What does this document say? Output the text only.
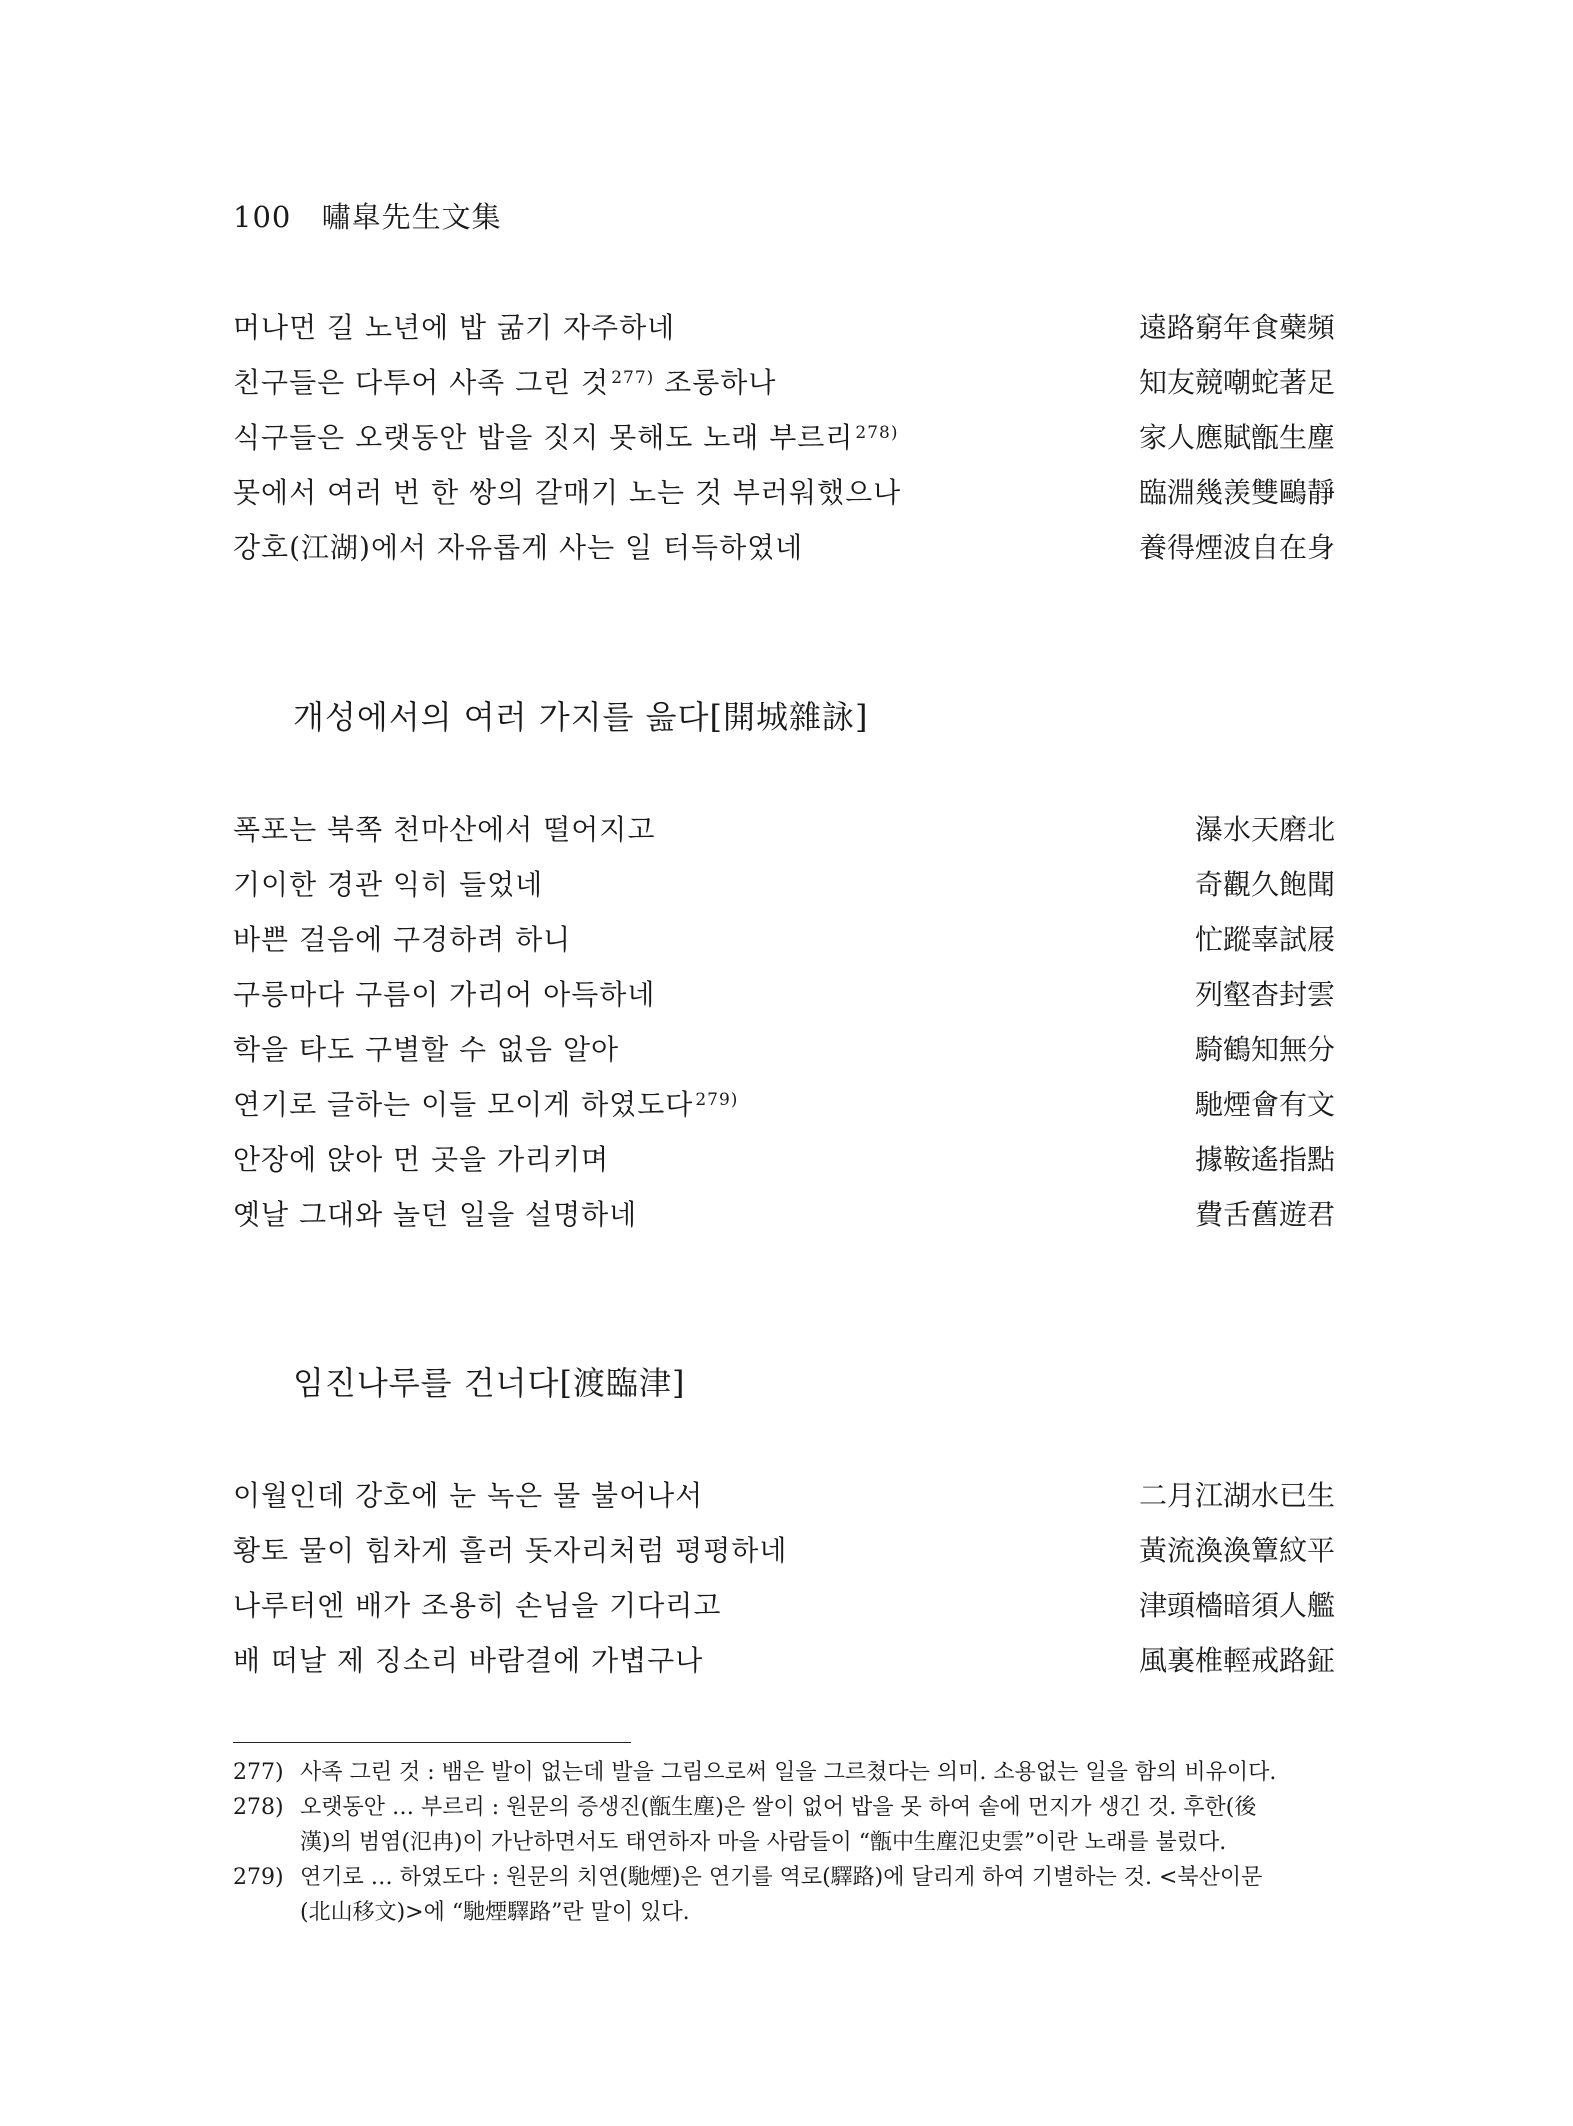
100 嘯皐先生文集
머나먼 길 노년에 밥 굶기 자주하네	遠路窮年食蘗頻
친구들은 다투어 사족 그린 것 $^{277)}$ 조롱하나	知友競嘲蛇著足
식구들은 오랫동안 밥을 짓지 못해도 노래 부르리 $^{278)}$	家人應賦甑生塵
못에서 여러 번 한 쌍의 갈매기 노는 것 부러워했으나	臨淵幾羡雙鷗靜
강호(江湖)에서 자유롭게 사는 일 터득하였네	養得煙波自在身
개성에서의 여러 가지를 읊다[開城雜詠]
폭포는 북쪽 천마산에서 떨어지고	瀑水天磨北
기이한 경관 익히 들었네	奇觀久飽聞
바쁜 걸음에 구경하려 하니	忙蹤辜試屐
구릉마다 구름이 가리어 아득하네	列壑杳封雲
학을 타도 구별할 수 없음 알아	騎鶴知無分
연기로 글하는 이들 모이게 하였도다 $^{279)}$	馳煙會有文
안장에 앉아 먼 곳을 가리키며	據鞍遙指點
옛날 그대와 놀던 일을 설명하네	費舌舊遊君
임진나루를 건너다[渡臨津]
이월인데 강호에 눈 녹은 물 불어나서	二月江湖水已生
황토 물이 힘차게 흘러 돗자리처럼 평평하네	黃流渙渙簟紋平
나루터엔 배가 조용히 손님을 기다리고	津頭檣暗須人艦
배 떠날 제 징소리 바람결에 가볍구나	風裏椎輕戒路鉦
277) 사족 그린 것 : 뱀은 발이 없는데 발을 그림으로써 일을 그르쳤다는 의미. 소용없는 일을 함의 비유이다.
278) 오랫동안 … 부르리 : 원문의 증생진(甑生塵)은 쌀이 없어 밥을 못 하여 솥에 먼지가 생긴 것. 후한(後
漢)의 범염(氾冉)이 가난하면서도 태연하자 마을 사람들이 “甑中生塵氾史雲”이란 노래를 불렀다.
279) 연기로 … 하였도다 : 원문의 치연(馳煙)은 연기를 역로(驛路)에 달리게 하여 기별하는 것. <북산이문
(北山移文)>에 “馳煙驛路”란 말이 있다.
